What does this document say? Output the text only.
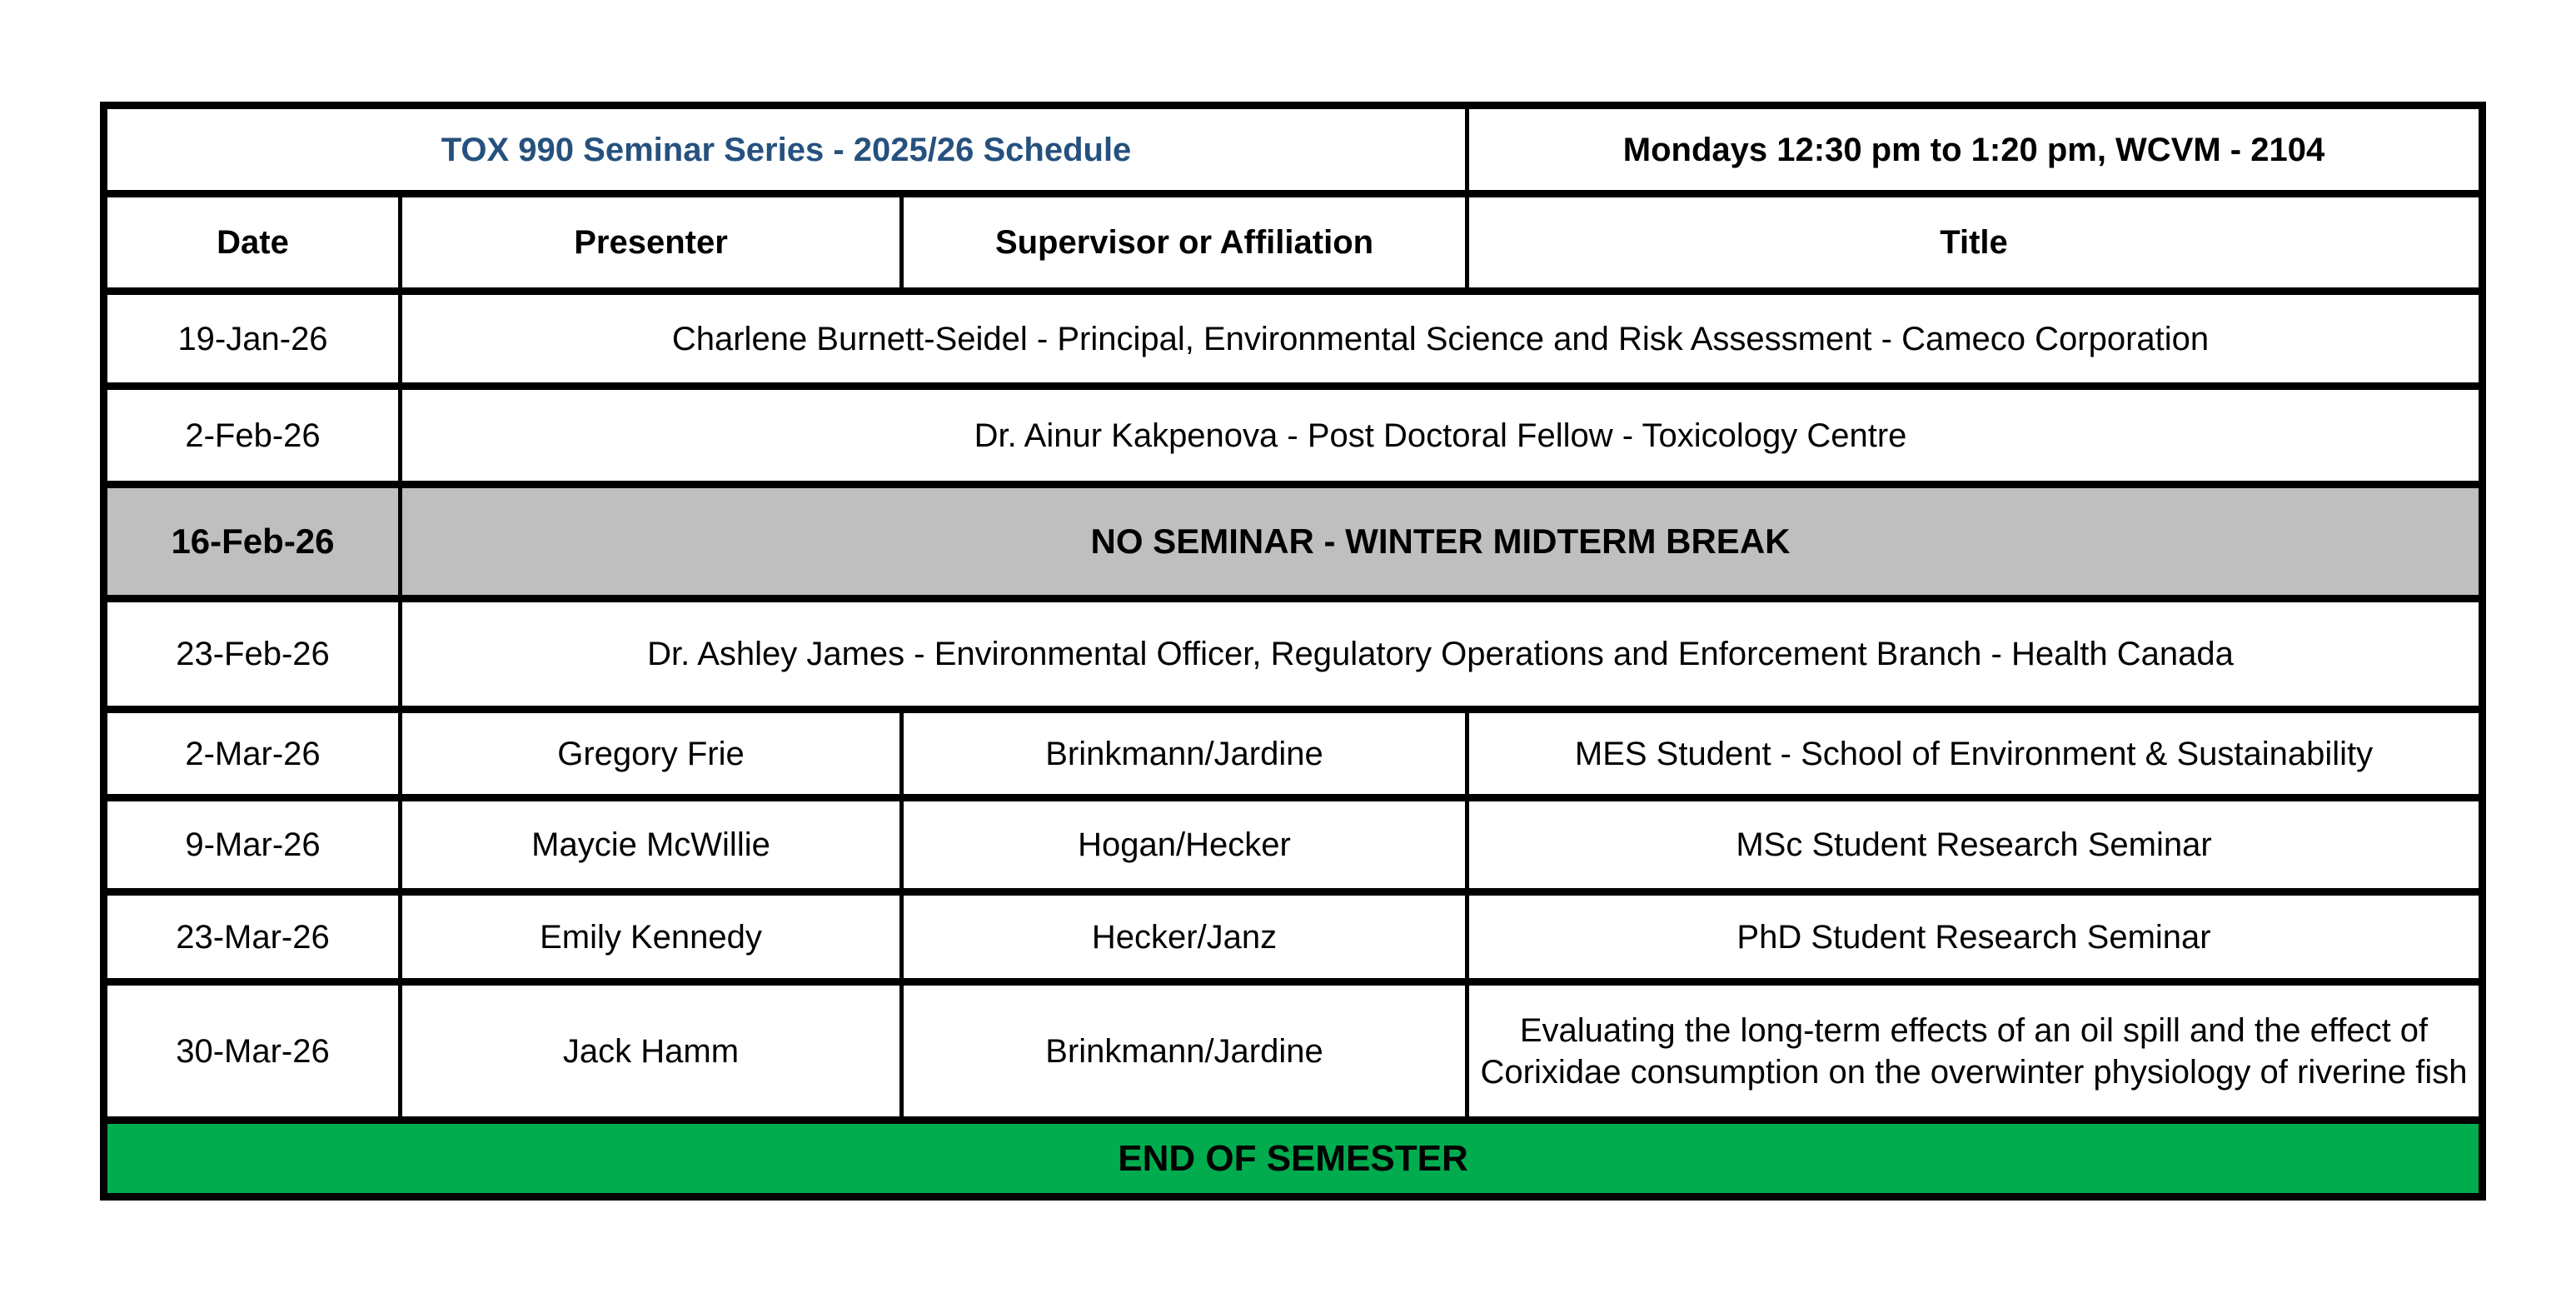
TOX 990 Seminar Series - 2025/26 Schedule			Mondays 12:30 pm to 1:20 pm, WCVM - 2104
Date	Presenter	Supervisor or Affiliation	Title
19-Jan-26	Charlene Burnett-Seidel - Principal, Environmental Science and Risk Assessment - Cameco Corporation		
2-Feb-26	Dr. Ainur Kakpenova - Post Doctoral Fellow - Toxicology Centre		
16-Feb-26	NO SEMINAR - WINTER MIDTERM BREAK		
23-Feb-26	Dr. Ashley James - Environmental Officer, Regulatory Operations and Enforcement Branch - Health Canada		
2-Mar-26	Gregory Frie	Brinkmann/Jardine	MES Student - School of Environment & Sustainability
9-Mar-26	Maycie McWillie	Hogan/Hecker	MSc Student Research Seminar
23-Mar-26	Emily Kennedy	Hecker/Janz	PhD Student Research Seminar
30-Mar-26	Jack Hamm	Brinkmann/Jardine	Evaluating the long-term effects of an oil spill and the effect of Corixidae consumption on the overwinter physiology of riverine fish
END OF SEMESTER			
